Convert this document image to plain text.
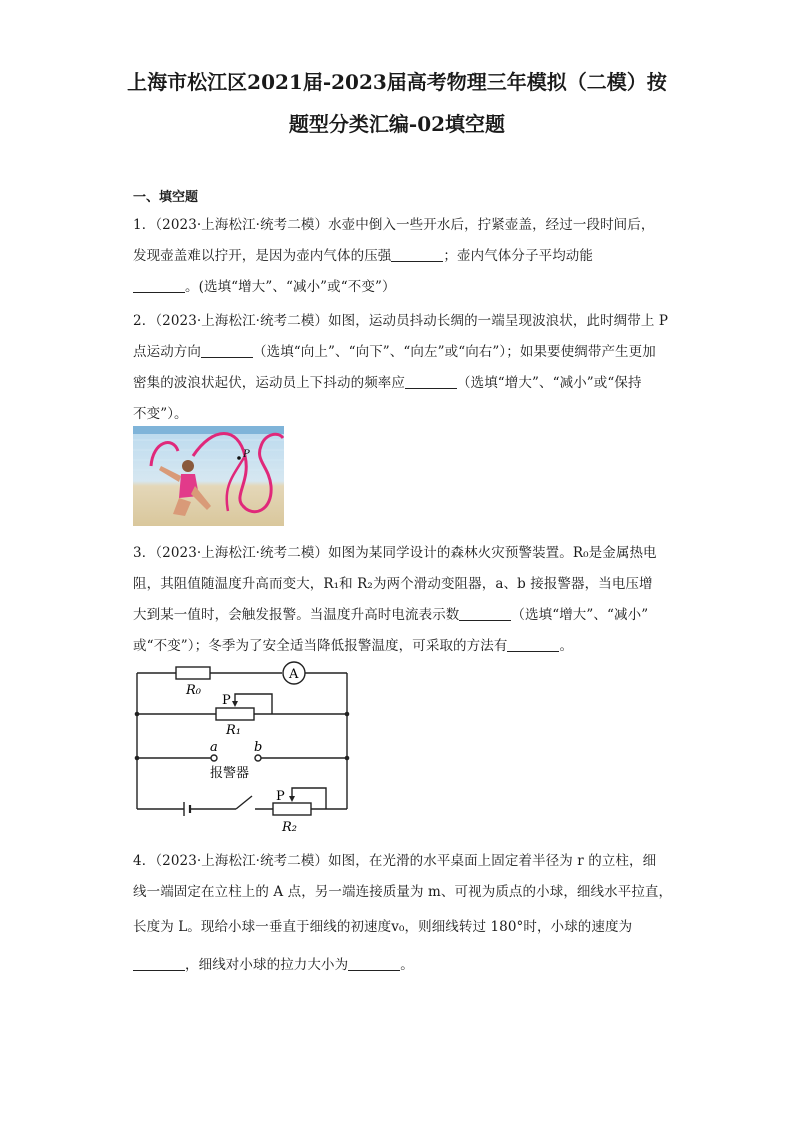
上海市松江区2021届-2023届高考物理三年模拟（二模）按
题型分类汇编-02填空题
一、填空题
1．（2023·上海松江·统考二模）水壶中倒入一些开水后，拧紧壶盖，经过一段时间后，
发现壶盖难以拧开，是因为壶内气体的压强	；壶内气体分子平均动能
。(选填“增大”、“减小”或“不变”）
2．（2023·上海松江·统考二模）如图，运动员抖动长绸的一端呈现波浪状，此时绸带上 P
点运动方向	（选填“向上”、“向下”、“向左”或“向右”）；如果要使绸带产生更加
密集的波浪状起伏，运动员上下抖动的频率应	（选填“增大”、“减小”或“保持
不变”）。
P
3．（2023·上海松江·统考二模）如图为某同学设计的森林火灾预警装置。R₀是金属热电
阻，其阻值随温度升高而变大，R₁和 R₂为两个滑动变阻器，a、b 接报警器，当电压增
大到某一值时，会触发报警。当温度升高时电流表示数	（选填“增大”、“减小”
或“不变”）；冬季为了安全适当降低报警温度，可采取的方法有	。
R₀
A
P
R₁
a	b
报警器
P
R₂
4．（2023·上海松江·统考二模）如图，在光滑的水平桌面上固定着半径为 r 的立柱，细
线一端固定在立柱上的 A 点，另一端连接质量为 m、可视为质点的小球，细线水平拉直，
长度为 L。现给小球一垂直于细线的初速度v₀，则细线转过 180°时，小球的速度为
，细线对小球的拉力大小为	。
